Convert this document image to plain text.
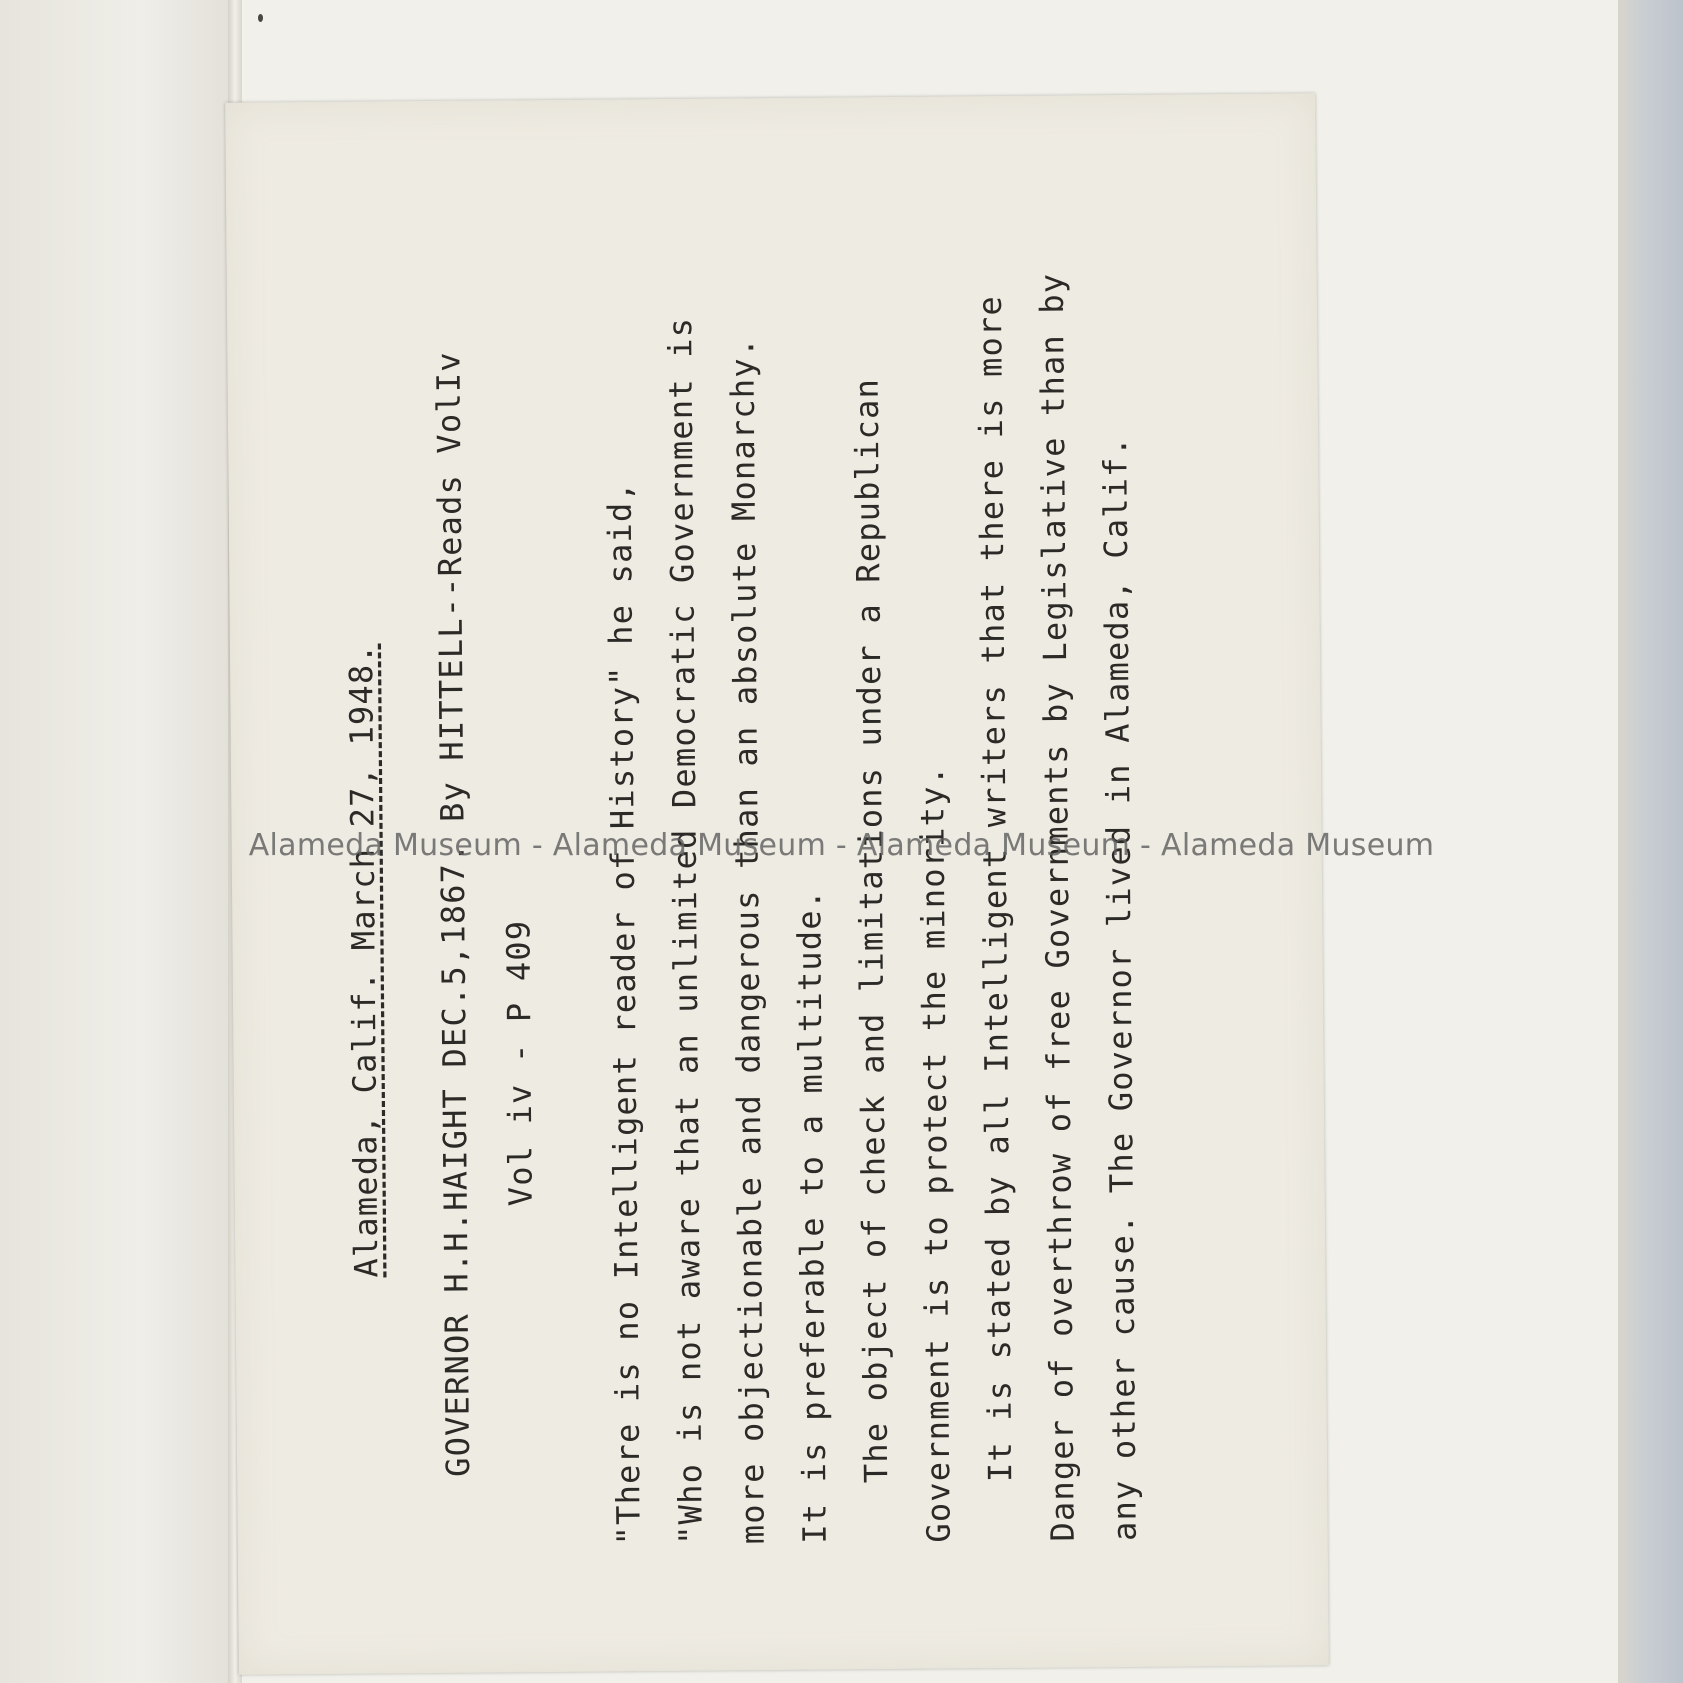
Alameda, Calif. March 27, 1948. GOVERNOR H.H.HAIGHT DEC.5,1867. By HITTELL--Reads VolIv Vol iv - P 409 "There is no Intelligent reader of History" he said, "Who is not aware that an unlimited Democratic Government is more objectionable and dangerous than an absolute Monarchy. It is preferable to a multitude. The object of check and limitations under a Republican Government is to protect the minority. It is stated by all Intelligent writers that there is more Danger of overthrow of free Governments by Legislative than by any other cause. The Governor lived in Alameda, Calif.
Alameda Museum - Alameda Museum - Alameda Museum - Alameda Museum
